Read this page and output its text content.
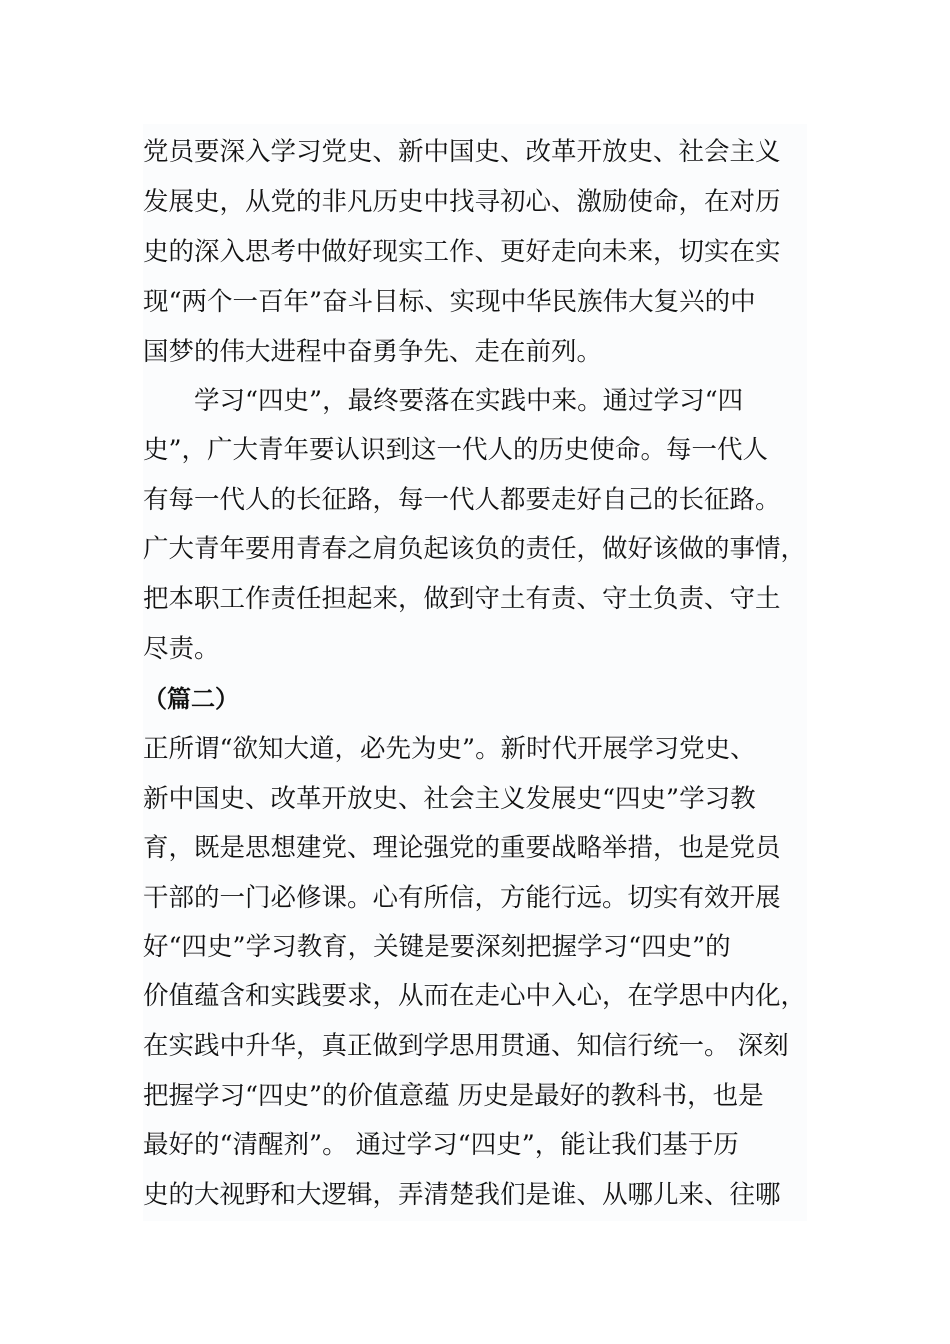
党员要深入学习党史、新中国史、改革开放史、社会主义
发展史，从党的非凡历史中找寻初心、激励使命，在对历
史的深入思考中做好现实工作、更好走向未来，切实在实
现“两个一百年”奋斗目标、实现中华民族伟大复兴的中
国梦的伟大进程中奋勇争先、走在前列。
　　学习“四史”，最终要落在实践中来。通过学习“四
史”，广大青年要认识到这一代人的历史使命。每一代人
有每一代人的长征路，每一代人都要走好自己的长征路。
广大青年要用青春之肩负起该负的责任，做好该做的事情，
把本职工作责任担起来，做到守土有责、守土负责、守土
尽责。
（篇二）
正所谓“欲知大道，必先为史”。新时代开展学习党史、
新中国史、改革开放史、社会主义发展史“四史”学习教
育，既是思想建党、理论强党的重要战略举措，也是党员
干部的一门必修课。心有所信，方能行远。切实有效开展
好“四史”学习教育，关键是要深刻把握学习“四史”的
价值蕴含和实践要求，从而在走心中入心，在学思中内化，
在实践中升华，真正做到学思用贯通、知信行统一。 深刻
把握学习“四史”的价值意蕴 历史是最好的教科书，也是
最好的“清醒剂”。 通过学习“四史”，能让我们基于历
史的大视野和大逻辑，弄清楚我们是谁、从哪儿来、往哪
